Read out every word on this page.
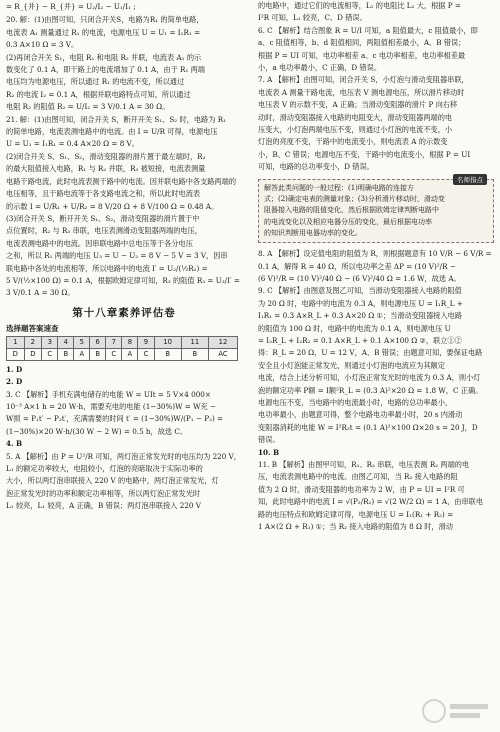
= R_{并} − R_{并} = U₂/I₂ − U₁/I₁ ;

20. 解：(1)由图可知，只闭合开关S，电路为R₁ 的简单电路，

电流表 A₁ 测量通过 R₁ 的电流，电源电压 U = U₁ = I₁R₁ =

0.3 A×10 Ω = 3 V。

(2)再闭合开关 S₁，电阻 R₁ 和电阻 R₂ 并联，电流表 A₁ 的示

数变化了 0.1 A，即干路上的电流增加了 0.1 A，由于 R₁ 两端

电压均为电源电压，所以通过 R₁ 的电流不变，所以通过

R₂ 的电流 I₂ = 0.1 A，根据并联电路特点可知，所以通过

电阻 R₂ 的阻值 R₂ = U/I₂ = 3 V/0.1 A = 30 Ω。

21. 解：(1)由图可知，闭合开关 S，断开开关 S₁、S₂ 时，电路为 R₁

的简单电路，电流表测电路中的电流。由 I = U/R 可得，电源电压

U = U₁ = I₁R₁ = 0.4 A×20 Ω = 8 V。

(2)闭合开关 S、S₁、S₂，滑动变阻器的滑片置于最左端时，R₂

的最大阻值接入电路，R₁ 与 R₂ 并联，R₃ 被短接，电流表测量

电路干路电流，此时电流表测干路中的电流。因并联电路中各支路两端的

电压相等，且干路电流等于各支路电流之和，所以此时电流表

的示数 I = U/R₁ + U/R₂ = 8 V/20 Ω + 8 V/100 Ω = 0.48 A。

(3)闭合开关 S，断开开关 S₁、S₂，滑动变阻器的滑片置于中

点位置时，R₂ 与 R₃ 串联，电压表测滑动变阻器两端的电压，

电流表测电路中的电流。因串联电路中总电压等于各分电压

之和，所以 R₁ 两端的电压 U₃ = U − U₂ = 8 V − 5 V = 3 V，因串

联电路中各处的电流相等，所以电路中的电流 I′ = U₂/(½R₂) =

5 V/(½×100 Ω) = 0.1 A，根据欧姆定律可知，R₃ 的阻值 R₃ = U₃/I′ =

3 V/0.1 A = 30 Ω。

第十八章素养评估卷
选择题答案速查
1	2	3	4	5	6	7	8	9	10	11	12
D	D	C	B	A	B	C	A	C	B	B	AC

1. D

2. D

3. C 【解析】手机充满电储存的电能 W = UIt = 5 V×4 000×

10⁻³ A×1 h = 20 W·h，需要充电的电能 (1−30%)W = W充 −

W损 = P₁t′ − P₂t′，充满需要的时间 t′ = (1−30%)W/(P₁ − P₂) =

(1−30%)×20 W·h/(30 W − 2 W) = 0.5 h，故选 C。

4. B

5. A 【解析】由 P = U²/R 可知，两灯泡正常发光时的电压均为 220 V，

L₁ 的额定功率较大，电阻较小，灯泡的亮暗取决于实际功率的

大小，所以两灯泡串联接入 220 V 的电路中，两灯泡正常发光，灯

泡正常发光时的功率和额定功率相等，所以两灯泡正常发光时

L₁ 较亮，L₁ 较亮，A 正确，B 错误；两灯泡串联接入 220 V

的电路中，通过它们的电流相等，L₁ 的电阻比 L₂ 大，根据 P =

I²R 可知，L₁ 较亮，C、D 错误。

6. C 【解析】结合图象 R = U/I 可知，a 阻值最大，c 阻值最小，即

a、c 阻值相等，b、d 阻值相同，两阻值相差最小，A、B 错误；

根据 P = UI 可知，电功率相差 a、c 电功率相差，电功率相差最

小，a 电功率最小，C 正确，D 错误。

7. A 【解析】由图可知，闭合开关 S，小灯泡与滑动变阻器串联，

电流表 A 测量干路电流，电压表 V 测电源电压，所以滑片移动时

电压表 V 的示数不变，A 正确；当滑动变阻器的滑片 P 向右移

动时，滑动变阻器接入电路的电阻变大，滑动变阻器两端的电

压变大，小灯泡两端电压不变，则通过小灯泡的电流不变，小

灯泡的亮度不变，干路中的电流变小，则电流表 A 的示数变

小，B、C 错误；电源电压不变，干路中的电流变小，根据 P = UI

可知，电路的总功率变小，D 错误。

名师指点

解答此类问题的一般过程：(1)明确电路的连接方

式；(2)确定电表的测量对象；(3)分析滑片移动时，滑动变

阻器接入电路的阻值变化，然后根据欧姆定律判断电路中

的电流变化以及相应电器分压的变化，最后根据电功率

的知识判断用电器功率的变化。

8. A 【解析】设定值电阻的阻值为 R，则根据题意有 10 V/R − 6 V/R =

0.1 A，解得 R = 40 Ω，所以电功率之差 ΔP = (10 V)²/R −

(6 V)²/R = (10 V)²/40 Ω − (6 V)²/40 Ω = 1.6 W，故选 A。

9. C 【解析】由图意及图乙可知，当滑动变阻器接入电路的阻值

为 20 Ω 时，电路中的电流为 0.3 A，则电源电压 U = I₁R_L +

I₁R₁ = 0.3 A×R_L + 0.3 A×20 Ω ①；当滑动变阻器接入电路

的阻值为 100 Ω 时，电路中的电流为 0.1 A，则电源电压 U

= I₂R_L + I₂R₂ = 0.1 A×R_L + 0.1 A×100 Ω ②，联立①②

得：R_L = 20 Ω，U = 12 V，A、B 错误；由题意可知，要保证电路

安全且小灯泡能正常发光，则通过小灯泡的电流应为其额定

电流，结合上述分析可知，小灯泡正常发光时的电流为 0.3 A，则小灯

泡的额定功率 P额 = I额²R_L = (0.3 A)²×20 Ω = 1.8 W，C 正确。

电源电压不变，当电路中的电流最小时，电路的总功率最小，

电功率最小，由题意可得，整个电路电功率最小时，20 s 内滑动

变阻器消耗的电能 W = I²R₂t = (0.1 A)²×100 Ω×20 s = 20 J，D

错误。

10. B

11. B 【解析】由图甲可知，R₁、R₂ 串联，电压表测 R₂ 两端的电

压，电流表测电路中的电流。由图乙可知，当 R₂ 接入电路的阻

值为 2 Ω 时，滑动变阻器的电功率为 2 W，由 P = UI = I²R 可

知，此时电路中的电流 I = √(P₂/R₂) = √(2 W/2 Ω) = 1 A，由串联电

路的电压特点和欧姆定律可得，电源电压 U = I₁(R₁ + R₂) =

1 A×(2 Ω + R₁) ①；当 R₂ 接入电路的阻值为 8 Ω 时，滑动
